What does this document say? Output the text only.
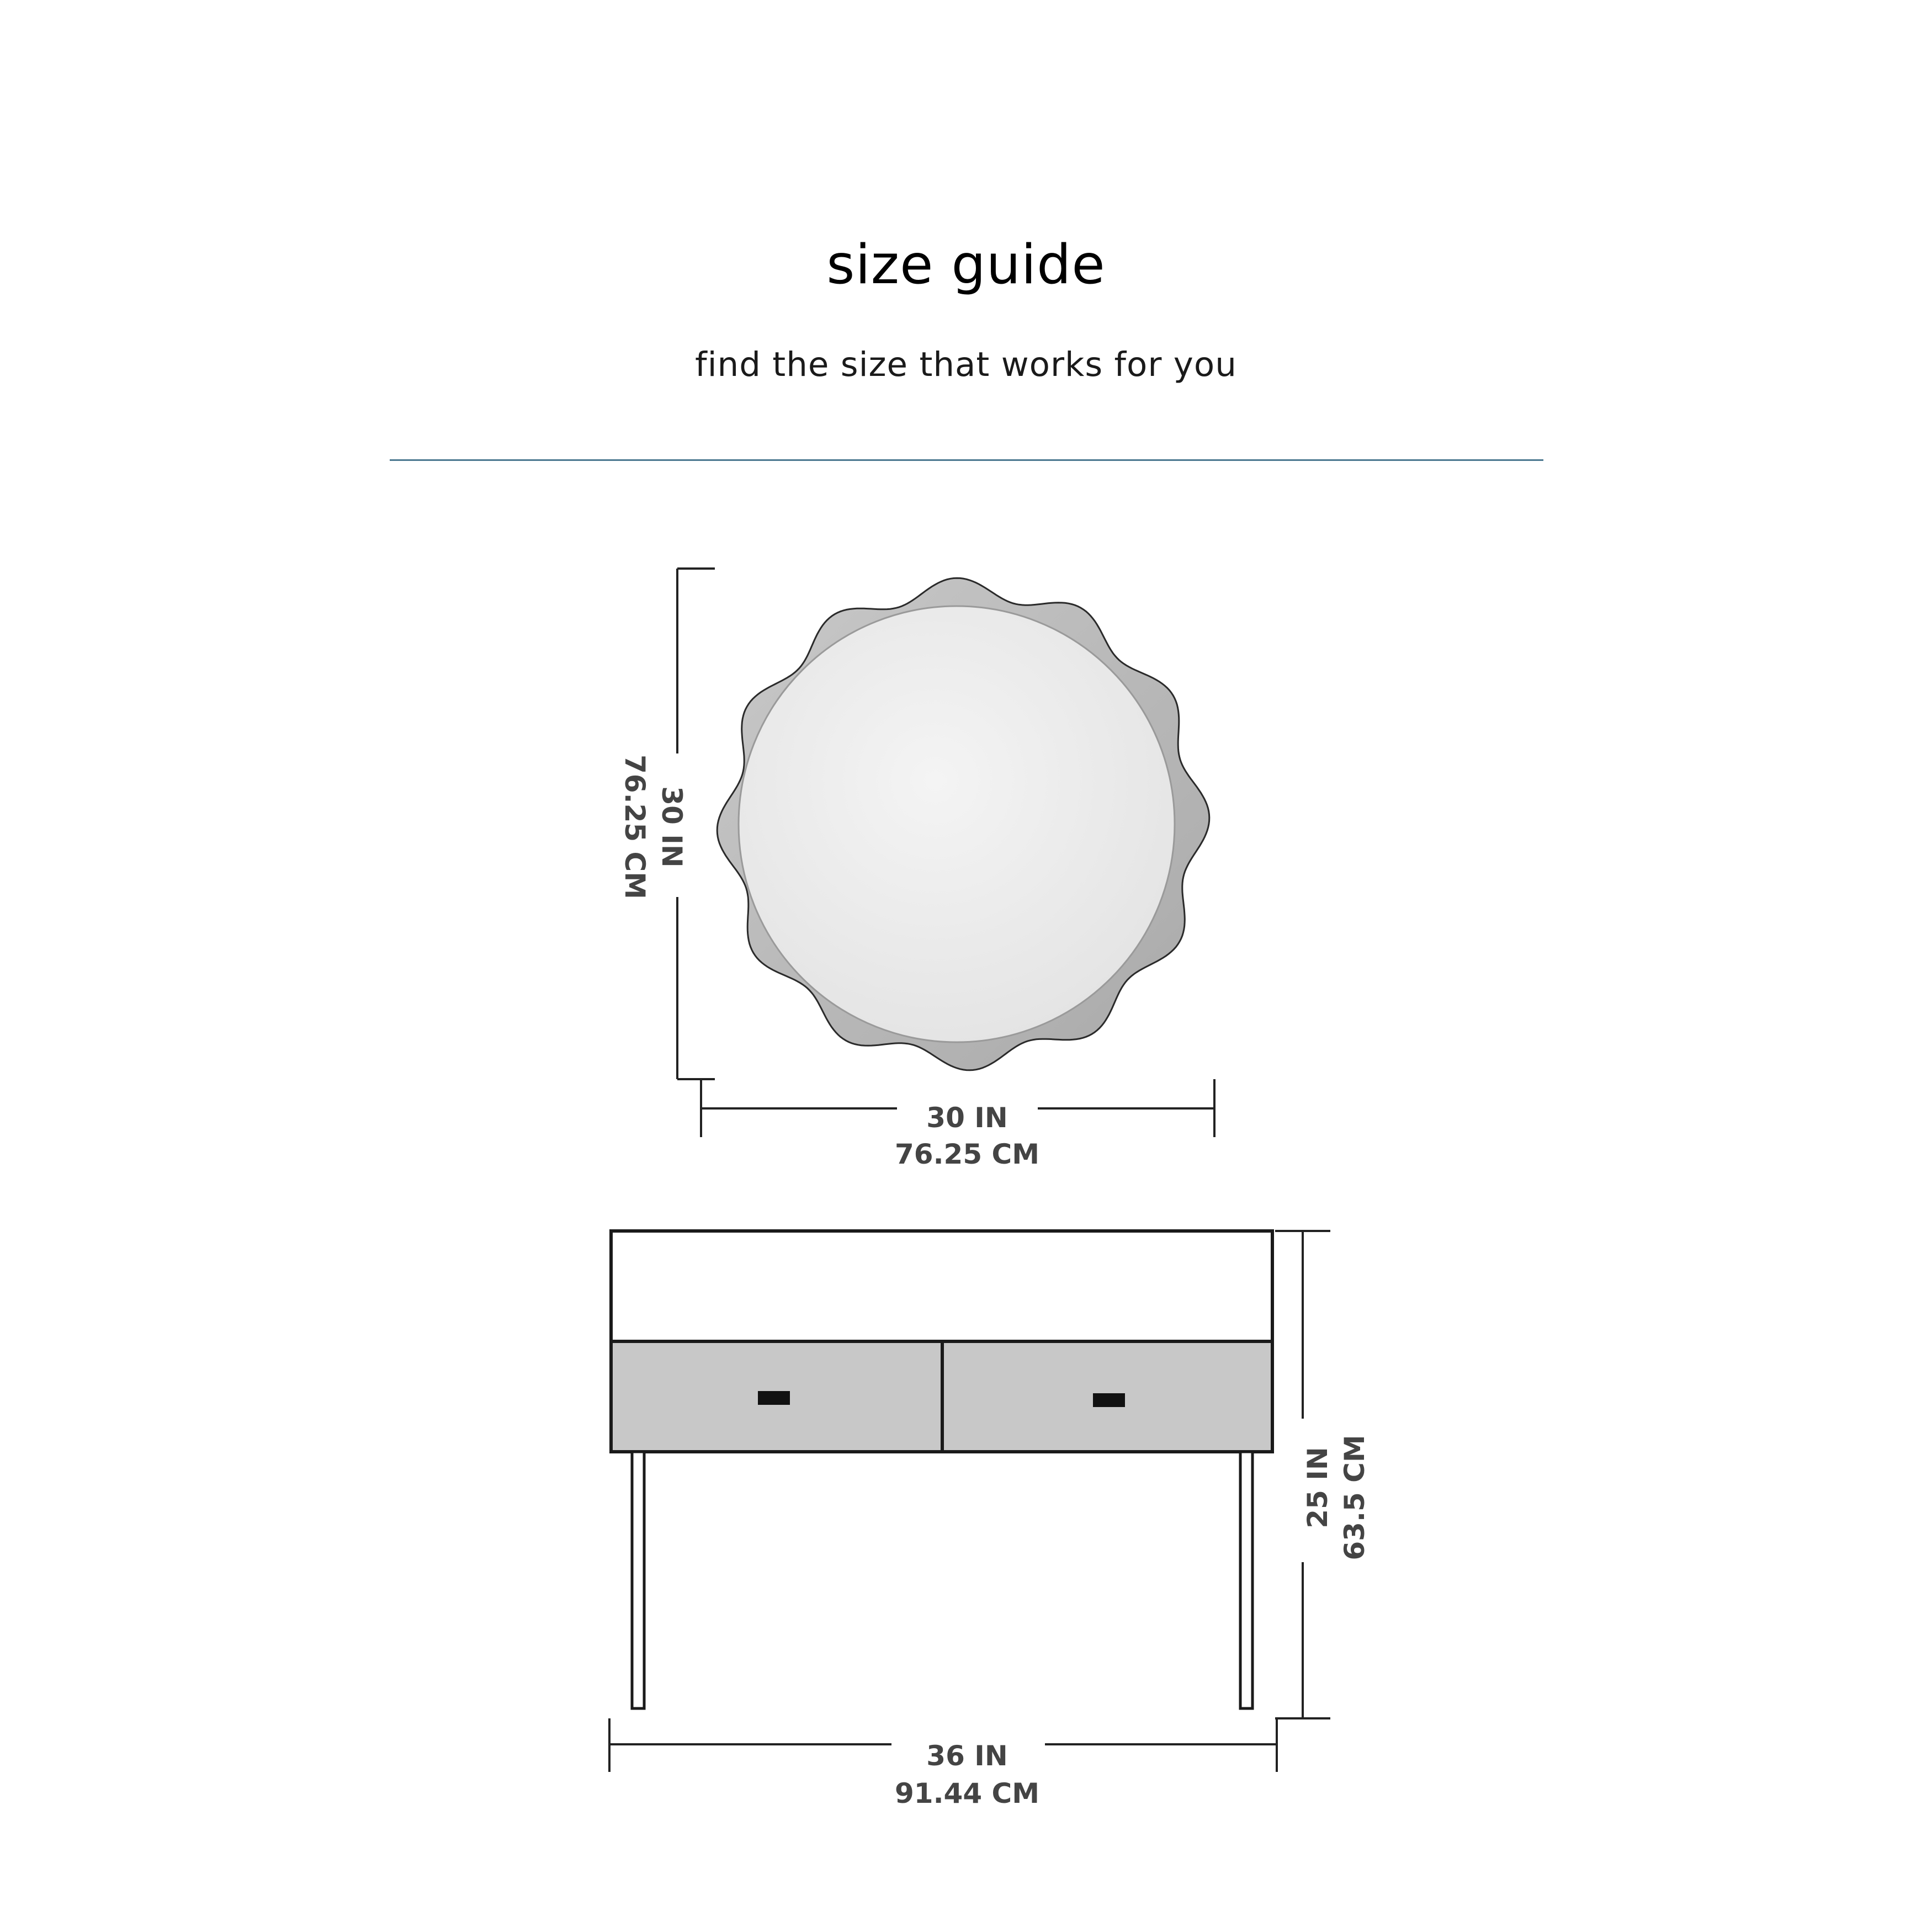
size guide
find the size that works for you
30 IN
76.25 CM
30 IN
76.25 CM
25 IN 63.5 CM
36 IN
91.44 CM
